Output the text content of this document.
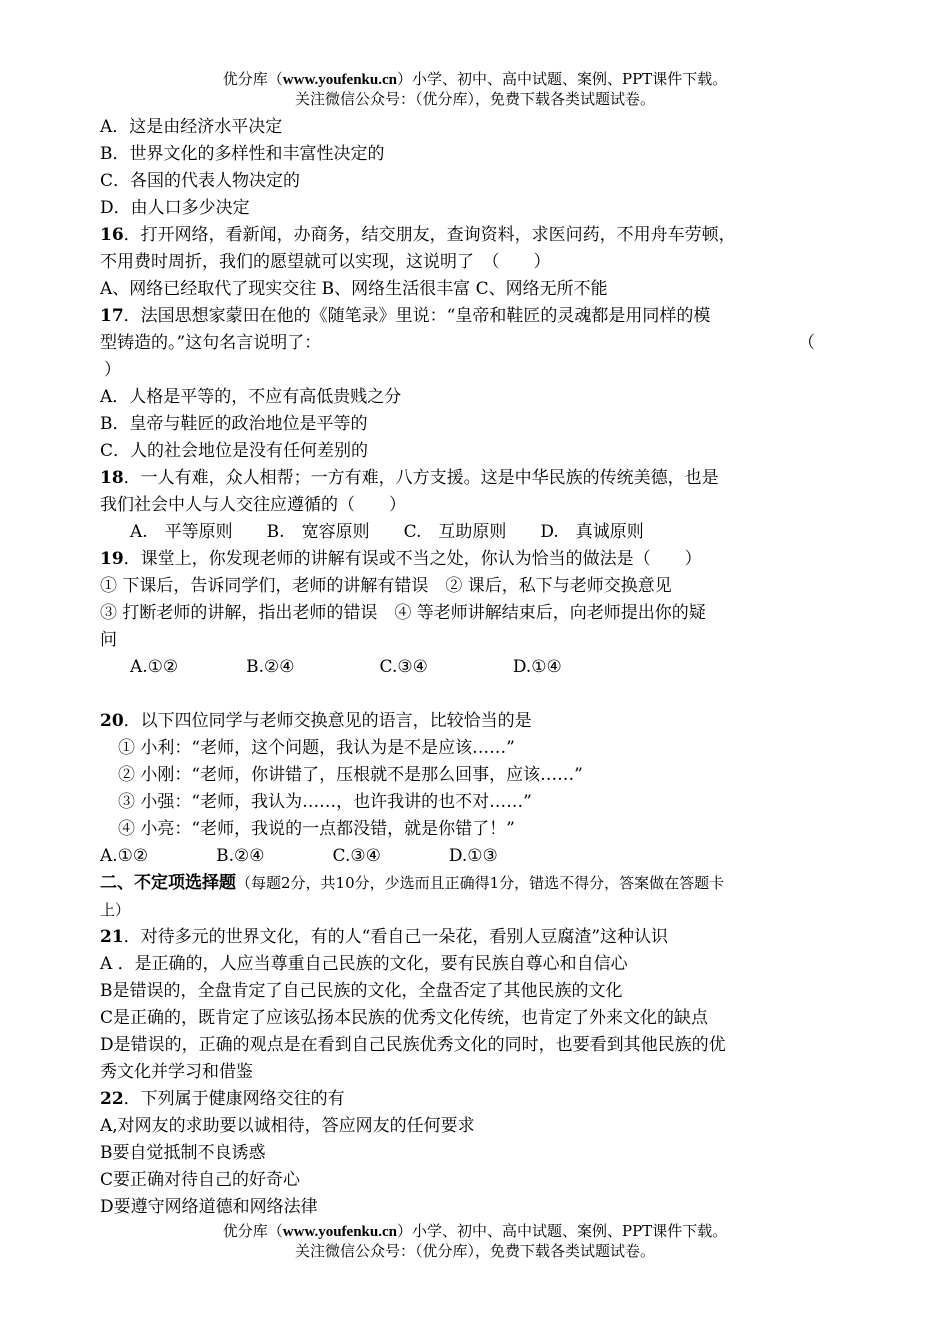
优分库（www.youfenku.cn）小学、初中、高中试题、案例、PPT课件下载。
关注微信公众号：（优分库），免费下载各类试题试卷。
A．这是由经济水平决定
B．世界文化的多样性和丰富性决定的
C．各国的代表人物决定的
D．由人口多少决定
16．打开网络，看新闻，办商务，结交朋友，查询资料，求医问药，不用舟车劳顿，
不用费时周折，我们的愿望就可以实现，这说明了　（　　）
A、网络已经取代了现实交往 B、网络生活很丰富 C、网络无所不能
17．法国思想家蒙田在他的《随笔录》里说：“皇帝和鞋匠的灵魂都是用同样的模
型铸造的。”这句名言说明了：	（
）
A．人格是平等的，不应有高低贵贱之分
B．皇帝与鞋匠的政治地位是平等的
C．人的社会地位是没有任何差别的
18．一人有难，众人相帮；一方有难，八方支援。这是中华民族的传统美德，也是
我们社会中人与人交往应遵循的（　　）
A.　平等原则　　B.　宽容原则　　C.　互助原则　　D.　真诚原则
19．课堂上，你发现老师的讲解有误或不当之处，你认为恰当的做法是（　　）
① 下课后，告诉同学们，老师的讲解有错误　② 课后，私下与老师交换意见
③ 打断老师的讲解，指出老师的错误　④ 等老师讲解结束后，向老师提出你的疑
问
A.①②　　　　B.②④　　　　　C.③④　　　　　D.①④
20．以下四位同学与老师交换意见的语言，比较恰当的是
① 小利：“老师，这个问题，我认为是不是应该……”
② 小刚：“老师，你讲错了，压根就不是那么回事，应该……”
③ 小强：“老师，我认为……，也许我讲的也不对……”
④ 小亮：“老师，我说的一点都没错，就是你错了！”
A.①②　　　　B.②④　　　　C.③④　　　　D.①③
二、不定项选择题（每题2分，共10分，少选而且正确得1分，错选不得分，答案做在答题卡
上）
21．对待多元的世界文化，有的人“看自己一朵花，看别人豆腐渣”这种认识
A ．是正确的，人应当尊重自己民族的文化，要有民族自尊心和自信心
B是错误的，全盘肯定了自己民族的文化，全盘否定了其他民族的文化
C是正确的，既肯定了应该弘扬本民族的优秀文化传统，也肯定了外来文化的缺点
D是错误的，正确的观点是在看到自己民族优秀文化的同时，也要看到其他民族的优
秀文化并学习和借鉴
22．下列属于健康网络交往的有
A,对网友的求助要以诚相待，答应网友的任何要求
B要自觉抵制不良诱惑
C要正确对待自己的好奇心
D要遵守网络道德和网络法律
优分库（www.youfenku.cn）小学、初中、高中试题、案例、PPT课件下载。
关注微信公众号：（优分库），免费下载各类试题试卷。
